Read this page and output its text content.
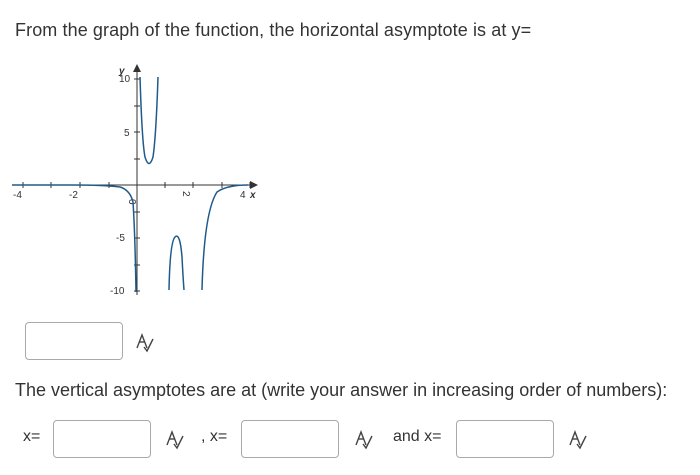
From the graph of the function, the horizontal asymptote is at y=
-4	-2	2	4 x
0
y
10
5
-5
-10
The vertical asymptotes are at (write your answer in increasing order of numbers):
x=	, x=	and x=
